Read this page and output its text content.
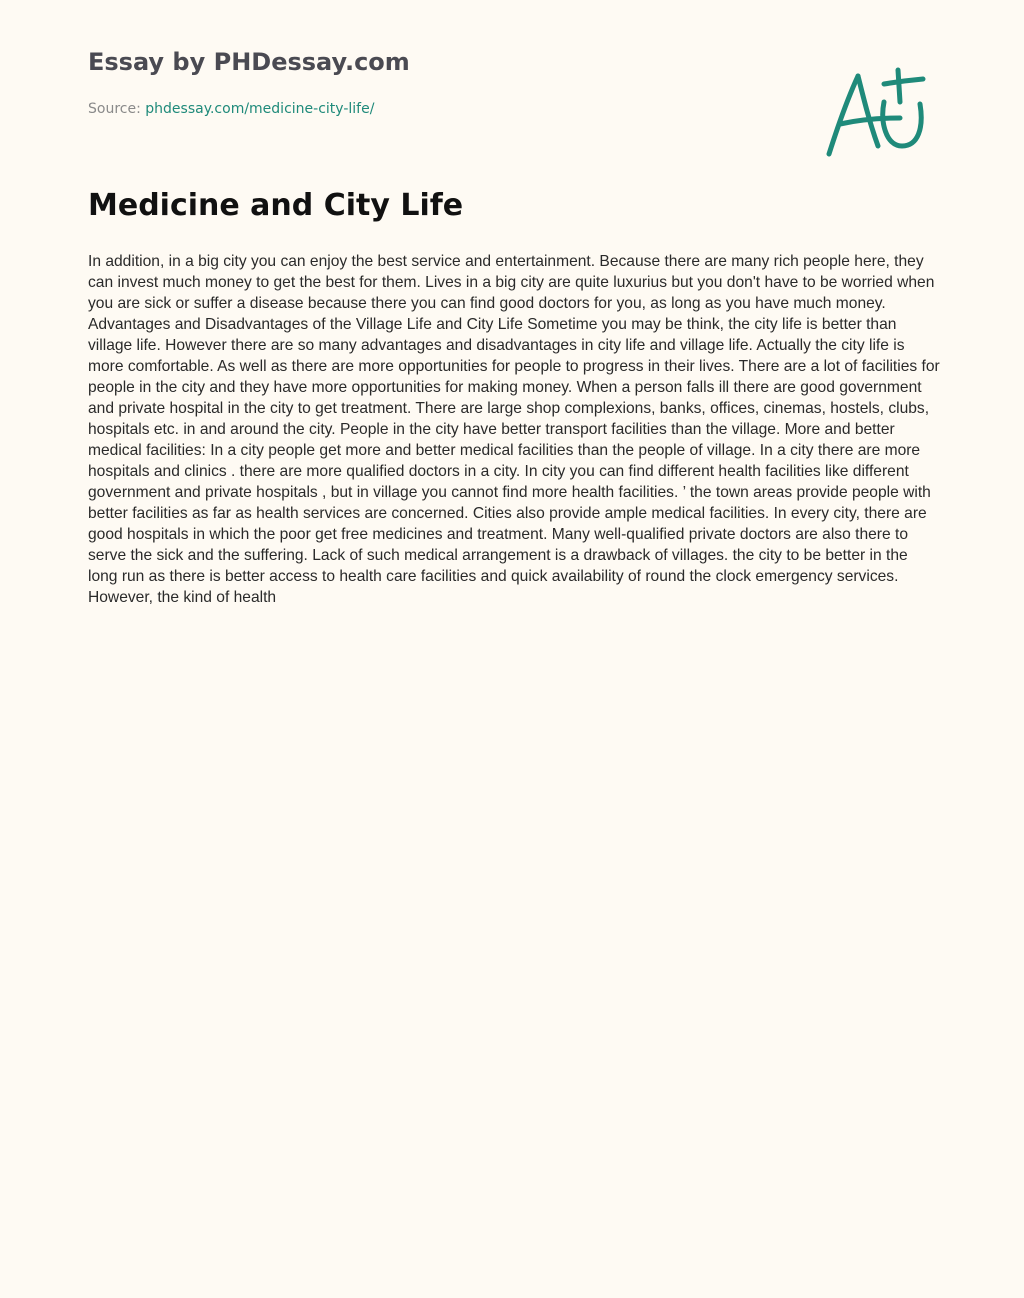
Essay by PHDessay.com
Source: phdessay.com/medicine-city-life/
Medicine and City Life

In addition, in a big city you can enjoy the best service and entertainment. Because there are many rich people here, they can invest much money to get the best for them. Lives in a big city are quite luxurius but you don't have to be worried when you are sick or suffer a disease because there you can find good doctors for you, as long as you have much money. Advantages and Disadvantages of the Village Life and City Life Sometime you may be think, the city life is better than village life. However there are so many advantages and disadvantages in city life and village life. Actually the city life is more comfortable. As well as there are more opportunities for people to progress in their lives. There are a lot of facilities for people in the city and they have more opportunities for making money. When a person falls ill there are good government and private hospital in the city to get treatment. There are large shop complexions, banks, offices, cinemas, hostels, clubs, hospitals etc. in and around the city. People in the city have better transport facilities than the village. More and better medical facilities: In a city people get more and better medical facilities than the people of village. In a city there are more hospitals and clinics . there are more qualified doctors in a city. In city you can find different health facilities like different government and private hospitals , but in village you cannot find more health facilities. ’ the town areas provide people with better facilities as far as health services are concerned. Cities also provide ample medical facilities. In every city, there are good hospitals in which the poor get free medicines and treatment. Many well-qualified private doctors are also there to serve the sick and the suffering. Lack of such medical arrangement is a drawback of villages. the city to be better in the long run as there is better access to health care facilities and quick availability of round the clock emergency services. However, the kind of health
